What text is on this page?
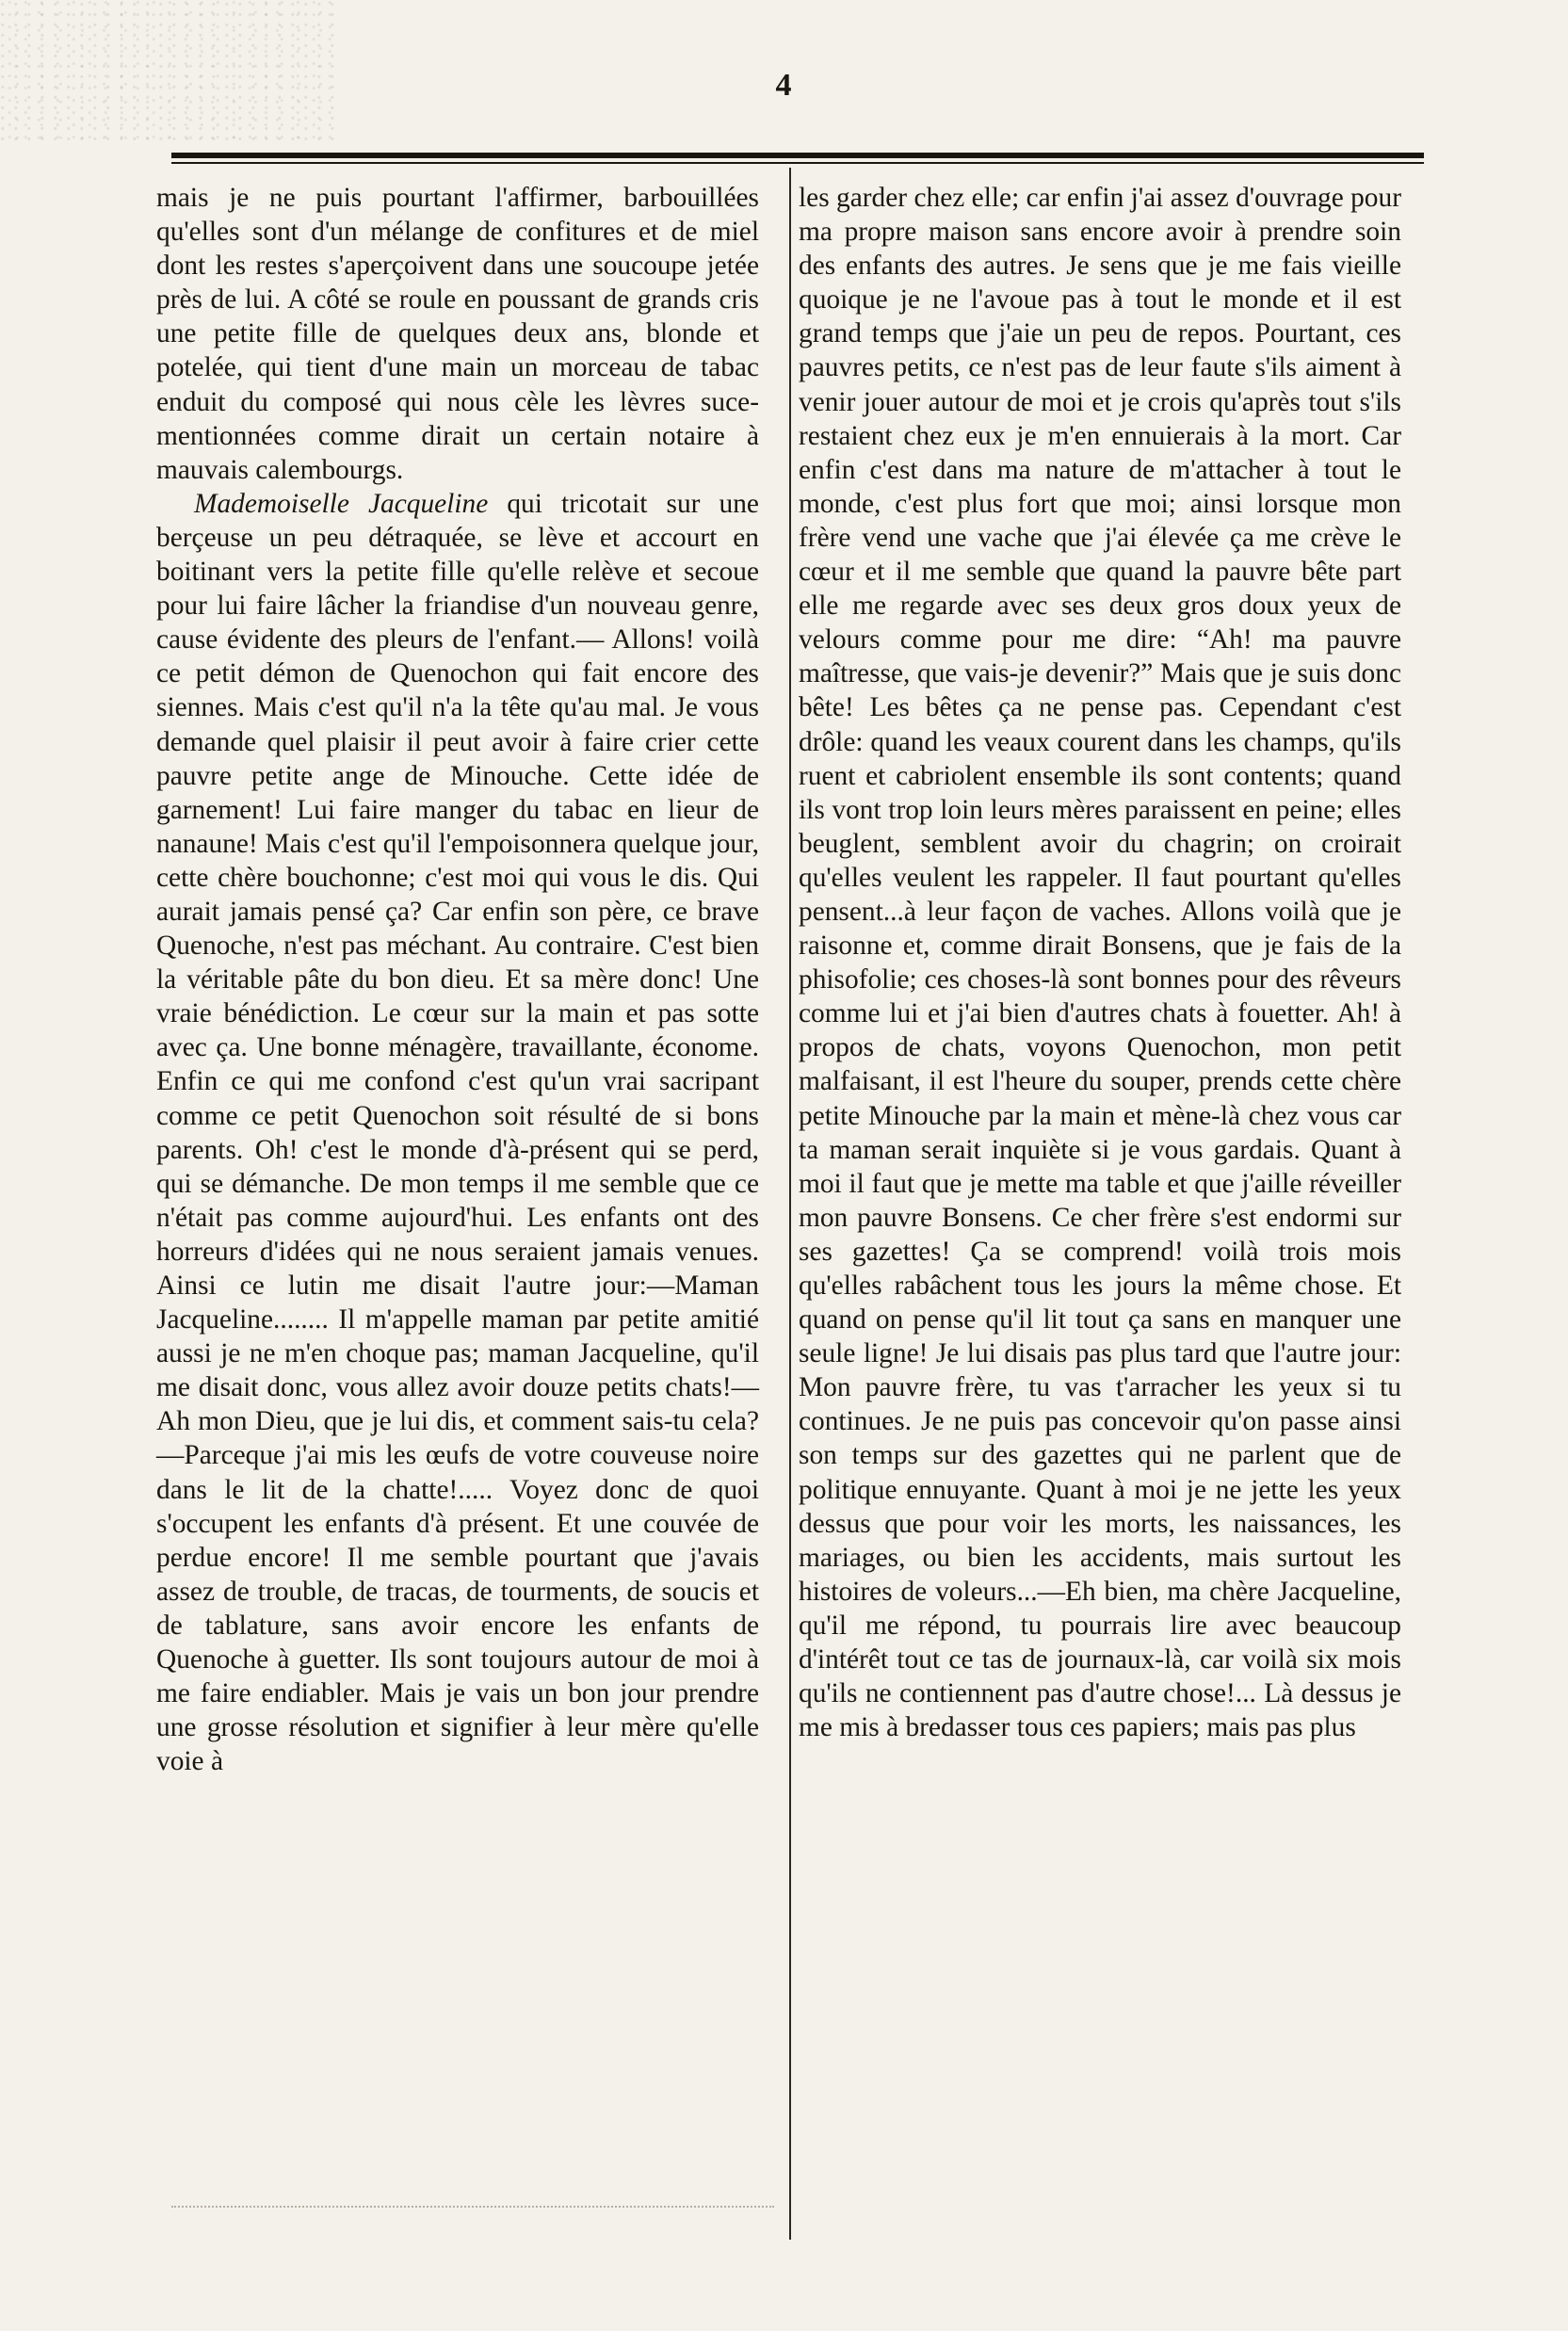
4

mais je ne puis pourtant l'affirmer, barbouillées qu'elles sont d'un mélange de confitures et de miel dont les restes s'aperçoivent dans une soucoupe jetée près de lui. A côté se roule en poussant de grands cris une petite fille de quelques deux ans, blonde et potelée, qui tient d'une main un morceau de tabac enduit du composé qui nous cèle les lèvres suce-mentionnées comme dirait un certain notaire à mauvais calembourgs.

Mademoiselle Jacqueline qui tricotait sur une berçeuse un peu détraquée, se lève et accourt en boitinant vers la petite fille qu'elle relève et secoue pour lui faire lâcher la friandise d'un nouveau genre, cause évidente des pleurs de l'enfant.— Allons! voilà ce petit démon de Quenochon qui fait encore des siennes. Mais c'est qu'il n'a la tête qu'au mal. Je vous demande quel plaisir il peut avoir à faire crier cette pauvre petite ange de Minouche. Cette idée de garnement! Lui faire manger du tabac en lieur de nanaune! Mais c'est qu'il l'empoisonnera quelque jour, cette chère bouchonne; c'est moi qui vous le dis. Qui aurait jamais pensé ça? Car enfin son père, ce brave Quenoche, n'est pas méchant. Au contraire. C'est bien la véritable pâte du bon dieu. Et sa mère donc! Une vraie bénédiction. Le cœur sur la main et pas sotte avec ça. Une bonne ménagère, travaillante, économe. Enfin ce qui me confond c'est qu'un vrai sacripant comme ce petit Quenochon soit résulté de si bons parents. Oh! c'est le monde d'à-présent qui se perd, qui se démanche. De mon temps il me semble que ce n'était pas comme aujourd'hui. Les enfants ont des horreurs d'idées qui ne nous seraient jamais venues. Ainsi ce lutin me disait l'autre jour:—Maman Jacqueline........ Il m'appelle maman par petite amitié aussi je ne m'en choque pas; maman Jacqueline, qu'il me disait donc, vous allez avoir douze petits chats!—Ah mon Dieu, que je lui dis, et comment sais-tu cela?—Parceque j'ai mis les œufs de votre couveuse noire dans le lit de la chatte!..... Voyez donc de quoi s'occupent les enfants d'à présent. Et une couvée de perdue encore! Il me semble pourtant que j'avais assez de trouble, de tracas, de tourments, de soucis et de tablature, sans avoir encore les enfants de Quenoche à guetter. Ils sont toujours autour de moi à me faire endiabler. Mais je vais un bon jour prendre une grosse résolution et signifier à leur mère qu'elle voie à

les garder chez elle; car enfin j'ai assez d'ouvrage pour ma propre maison sans encore avoir à prendre soin des enfants des autres. Je sens que je me fais vieille quoique je ne l'avoue pas à tout le monde et il est grand temps que j'aie un peu de repos. Pourtant, ces pauvres petits, ce n'est pas de leur faute s'ils aiment à venir jouer autour de moi et je crois qu'après tout s'ils restaient chez eux je m'en ennuierais à la mort. Car enfin c'est dans ma nature de m'attacher à tout le monde, c'est plus fort que moi; ainsi lorsque mon frère vend une vache que j'ai élevée ça me crève le cœur et il me semble que quand la pauvre bête part elle me regarde avec ses deux gros doux yeux de velours comme pour me dire: “Ah! ma pauvre maîtresse, que vais-je devenir?” Mais que je suis donc bête! Les bêtes ça ne pense pas. Cependant c'est drôle: quand les veaux courent dans les champs, qu'ils ruent et cabriolent ensemble ils sont contents; quand ils vont trop loin leurs mères paraissent en peine; elles beuglent, semblent avoir du chagrin; on croirait qu'elles veulent les rappeler. Il faut pourtant qu'elles pensent...à leur façon de vaches. Allons voilà que je raisonne et, comme dirait Bonsens, que je fais de la phisofolie; ces choses-là sont bonnes pour des rêveurs comme lui et j'ai bien d'autres chats à fouetter. Ah! à propos de chats, voyons Quenochon, mon petit malfaisant, il est l'heure du souper, prends cette chère petite Minouche par la main et mène-là chez vous car ta maman serait inquiète si je vous gardais. Quant à moi il faut que je mette ma table et que j'aille réveiller mon pauvre Bonsens. Ce cher frère s'est endormi sur ses gazettes! Ça se comprend! voilà trois mois qu'elles rabâchent tous les jours la même chose. Et quand on pense qu'il lit tout ça sans en manquer une seule ligne! Je lui disais pas plus tard que l'autre jour: Mon pauvre frère, tu vas t'arracher les yeux si tu continues. Je ne puis pas concevoir qu'on passe ainsi son temps sur des gazettes qui ne parlent que de politique ennuyante. Quant à moi je ne jette les yeux dessus que pour voir les morts, les naissances, les mariages, ou bien les accidents, mais surtout les histoires de voleurs...—Eh bien, ma chère Jacqueline, qu'il me répond, tu pourrais lire avec beaucoup d'intérêt tout ce tas de journaux-là, car voilà six mois qu'ils ne contiennent pas d'autre chose!... Là dessus je me mis à bredasser tous ces papiers; mais pas plus
